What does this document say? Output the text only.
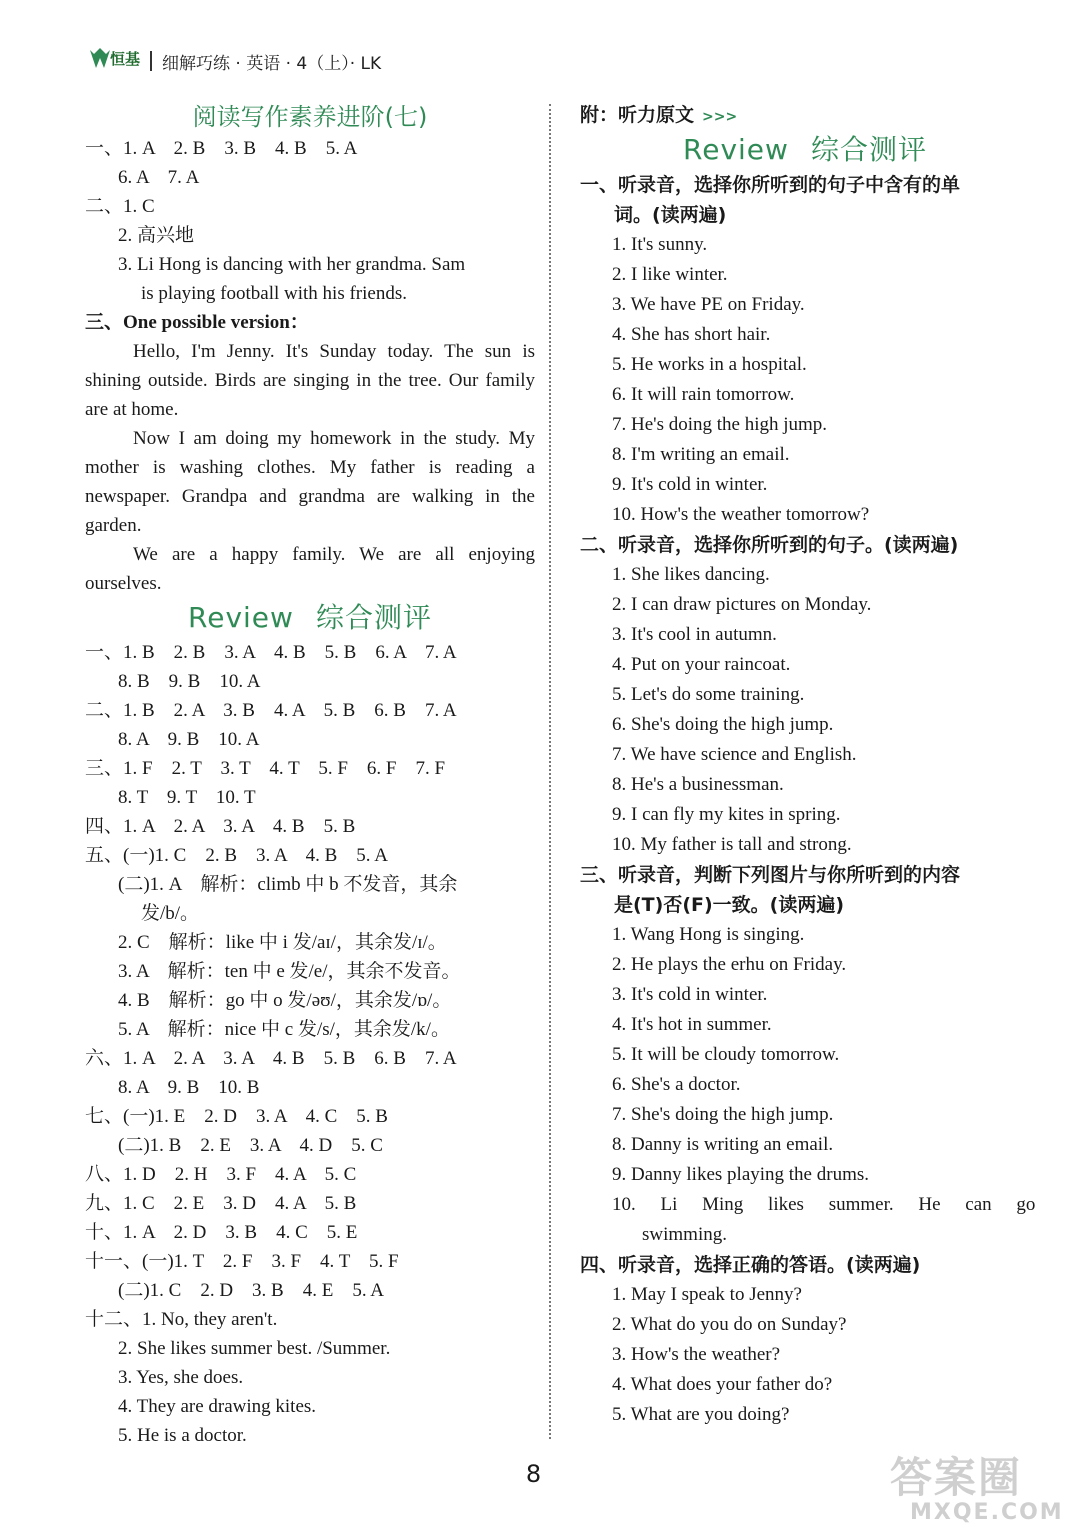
恒基 细解巧练 · 英语 · 4（上）· LK
阅读写作素养进阶(七)
一、1. A　2. B　3. B　4. B　5. A
6. A　7. A
二、1. C
2. 高兴地
3. Li Hong is dancing with her grandma. Sam
is playing football with his friends.
三、One possible version：

Hello, I'm Jenny. It's Sunday today. The sun is shining outside. Birds are singing in the tree. Our family are at home.

Now I am doing my homework in the study. My mother is washing clothes. My father is reading a newspaper. Grandpa and grandma are walking in the garden.

We are a happy family. We are all enjoying ourselves.

Review 综合测评
一、1. B　2. B　3. A　4. B　5. B　6. A　7. A
8. B　9. B　10. A
二、1. B　2. A　3. B　4. A　5. B　6. B　7. A
8. A　9. B　10. A
三、1. F　2. T　3. T　4. T　5. F　6. F　7. F
8. T　9. T　10. T
四、1. A　2. A　3. A　4. B　5. B
五、(一)1. C　2. B　3. A　4. B　5. A
(二)1. A　解析：climb 中 b 不发音，其余
发/b/。
2. C　解析：like 中 i 发/aɪ/，其余发/ɪ/。
3. A　解析：ten 中 e 发/e/，其余不发音。
4. B　解析：go 中 o 发/əʊ/，其余发/ɒ/。
5. A　解析：nice 中 c 发/s/，其余发/k/。
六、1. A　2. A　3. A　4. B　5. B　6. B　7. A
8. A　9. B　10. B
七、(一)1. E　2. D　3. A　4. C　5. B
(二)1. B　2. E　3. A　4. D　5. C
八、1. D　2. H　3. F　4. A　5. C
九、1. C　2. E　3. D　4. A　5. B
十、1. A　2. D　3. B　4. C　5. E
十一、(一)1. T　2. F　3. F　4. T　5. F
(二)1. C　2. D　3. B　4. E　5. A
十二、1. No, they aren't.
2. She likes summer best. /Summer.
3. Yes, she does.
4. They are drawing kites.
5. He is a doctor.
附：听力原文 >>>
Review 综合测评
一、听录音，选择你所听到的句子中含有的单
词。(读两遍)
1. It's sunny.
2. I like winter.
3. We have PE on Friday.
4. She has short hair.
5. He works in a hospital.
6. It will rain tomorrow.
7. He's doing the high jump.
8. I'm writing an email.
9. It's cold in winter.
10. How's the weather tomorrow?
二、听录音，选择你所听到的句子。(读两遍)
1. She likes dancing.
2. I can draw pictures on Monday.
3. It's cool in autumn.
4. Put on your raincoat.
5. Let's do some training.
6. She's doing the high jump.
7. We have science and English.
8. He's a businessman.
9. I can fly my kites in spring.
10. My father is tall and strong.
三、听录音，判断下列图片与你所听到的内容
是(T)否(F)一致。(读两遍)
1. Wang Hong is singing.
2. He plays the erhu on Friday.
3. It's cold in winter.
4. It's hot in summer.
5. It will be cloudy tomorrow.
6. She's a doctor.
7. She's doing the high jump.
8. Danny is writing an email.
9. Danny likes playing the drums.
10. Li Ming likes summer. He can go
swimming.
四、听录音，选择正确的答语。(读两遍)
1. May I speak to Jenny?
2. What do you do on Sunday?
3. How's the weather?
4. What does your father do?
5. What are you doing?
8	答案圈
MXQE.COM
